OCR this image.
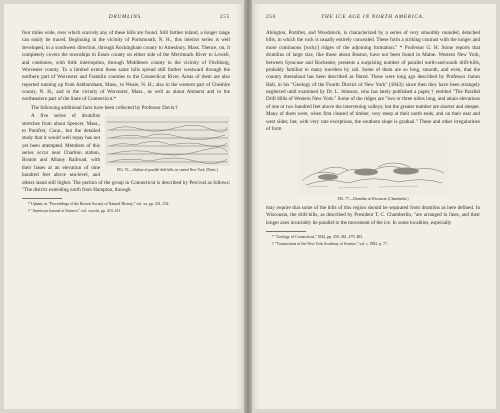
DRUMLINS.	255

four miles wide, over which scarcely any of these hills are found. Still farther inland, a longer range can easily be traced. Beginning in the vicinity of Portsmouth, N. H., this interior series is well developed, in a southwest direction, through Rockingham county to Amesbury, Mass. Thence, on, it completely covers the townships in Essex county on either side of the Merrimack River to Lowell, and continues, with little interruption, through Middlesex county to the vicinity of Fitchburg, Worcester county. To a limited extent these same hills spread still farther westward through the northern part of Worcester and Franklin counties to the Connecticut River. Areas of them are also reported running up from Ashburnham, Mass., to Weare, N. H.; also in the western part of Cheshire county, N. H., and in the vicinity of Worcester, Mass., as well as about Amherst and in the northeastern part of the State of Connecticut.*

The following additional facts have been collected by Professor Davis:†

FIG. 76.—Outline of parallel drift-hills, in central New York. (Davis.)

A five series of drumlins stretches from about Spencer, Mass., to Pomfret, Conn., but the detailed study that it would well repay has not yet been attempted. Members of this series occur near Charlton station, Boston and Albany Railroad, with their bases at an elevation of nine hundred feet above sea-level, and others stand still higher. The portion of the group in Connecticut is described by Percival as follows: "The district extending north from Hampton, through

* Upham, in "Proceedings of the Boston Society of Natural History," vol. xx, pp. 231, 232.

† "American Journal of Science," vol. xxxviii, pp. 410, 411.

256	THE ICE AGE IN NORTH AMERICA.

Abington, Pomfret, and Woodstock, is characterized by a series of very smoothly rounded, detached hills, in which the rock is usually entirely concealed. These form a striking contrast with the longer and more continuous [rocky] ridges of the adjoining formation." * Professor G. H. Stone reports that drumlins of large size, like those about Boston, have not been found in Maine. Western New York, between Syracuse and Rochester, presents a surprising number of parallel north-and-south drift-hills, probably familiar to many travelers by rail. Some of them are so long, smooth, and even, that the country thereabout has been described as fluted. These were long ago described by Professor James Hall, in his "Geology of the Fourth District of New York" (1843); since then they have been strangely neglected until examined by Dr. L. Johnson, who has lately published a paper,† entitled "The Parallel Drift Hills of Western New York." Some of the ridges are "two or three miles long, and attain elevations of one or two hundred feet above the intervening valleys; but the greater number are shorter and steeper. Many of them were, when first cleared of timber, very steep at their north ends, and on their east and west sides; but, with very rare exceptions, the southern slope is gradual." These and other irregularities of form

FIG. 77.—Drumlins in Wisconsin. (Chamberlin.)

may require that some of the hills of this region should be separated from drumlins as here defined. In Wisconsin, the drift-hills, as described by President T. C. Chamberlin, "are arranged in lines, and their longer axes invariably lie parallel to the movement of the ice. In some localities, especially

* "Geology of Connecticut," 1842, pp. 250, 461, 479, 483.

† "Transactions of the New York Academy of Science," vol. i, 1882, p. 77.
